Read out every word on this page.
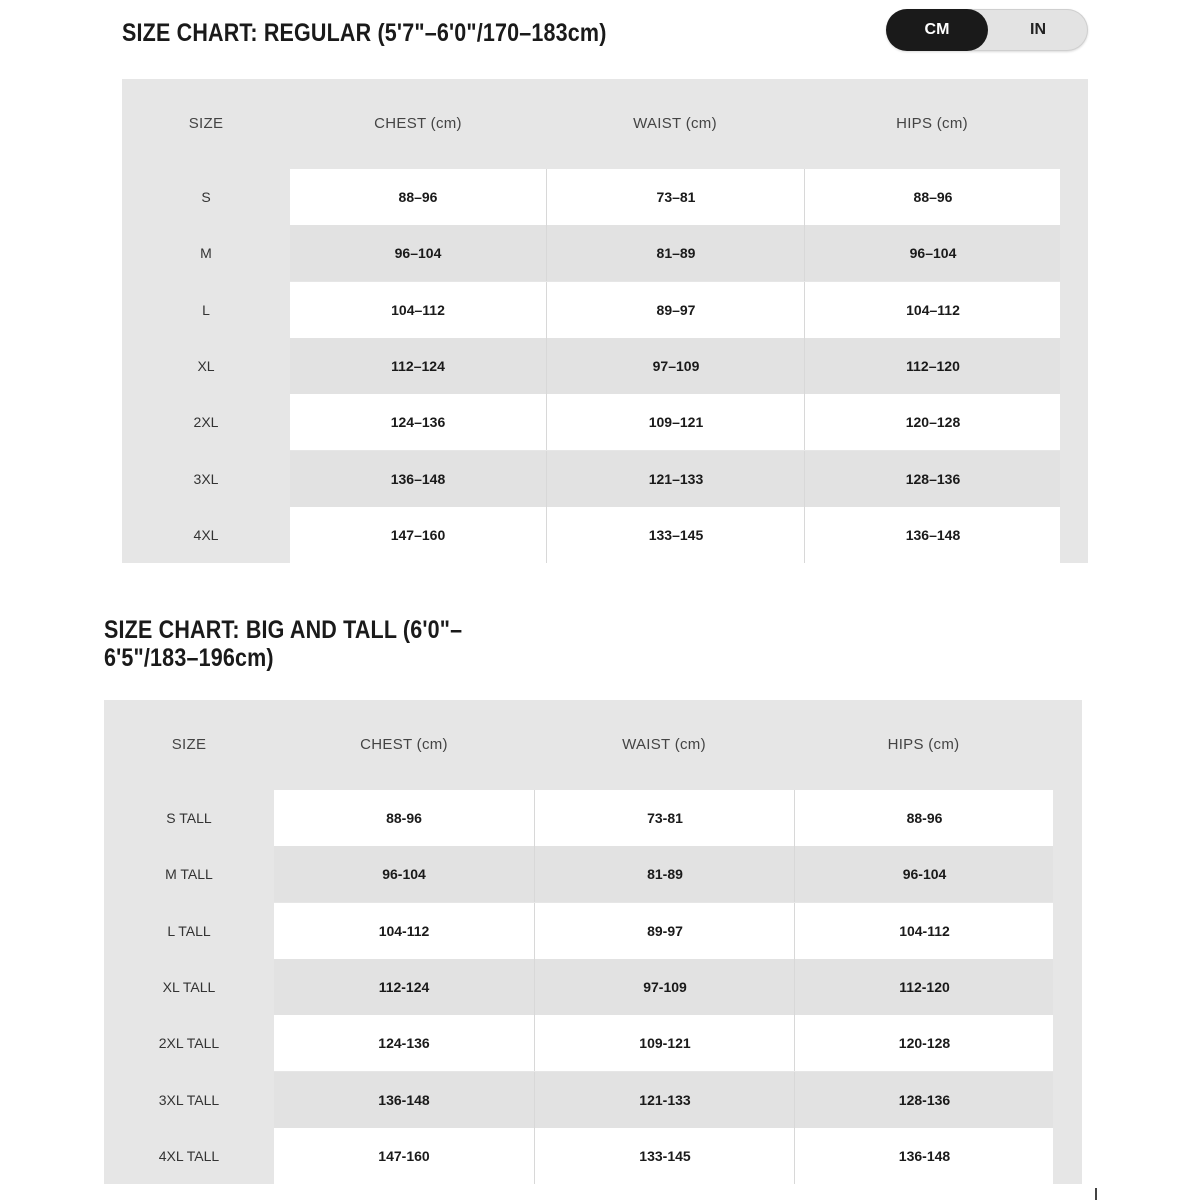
SIZE CHART: REGULAR (5'7"–6'0"/170–183cm)	CM	IN
SIZE	CHEST (cm)	WAIST (cm)	HIPS (cm)
S	88–96	73–81	88–96
M	96–104	81–89	96–104
L	104–112	89–97	104–112
XL	112–124	97–109	112–120
2XL	124–136	109–121	120–128
3XL	136–148	121–133	128–136
4XL	147–160	133–145	136–148
SIZE CHART: BIG AND TALL (6'0"–
6'5"/183–196cm)
SIZE	CHEST (cm)	WAIST (cm)	HIPS (cm)
S TALL	88-96	73-81	88-96
M TALL	96-104	81-89	96-104
L TALL	104-112	89-97	104-112
XL TALL	112-124	97-109	112-120
2XL TALL	124-136	109-121	120-128
3XL TALL	136-148	121-133	128-136
4XL TALL	147-160	133-145	136-148
